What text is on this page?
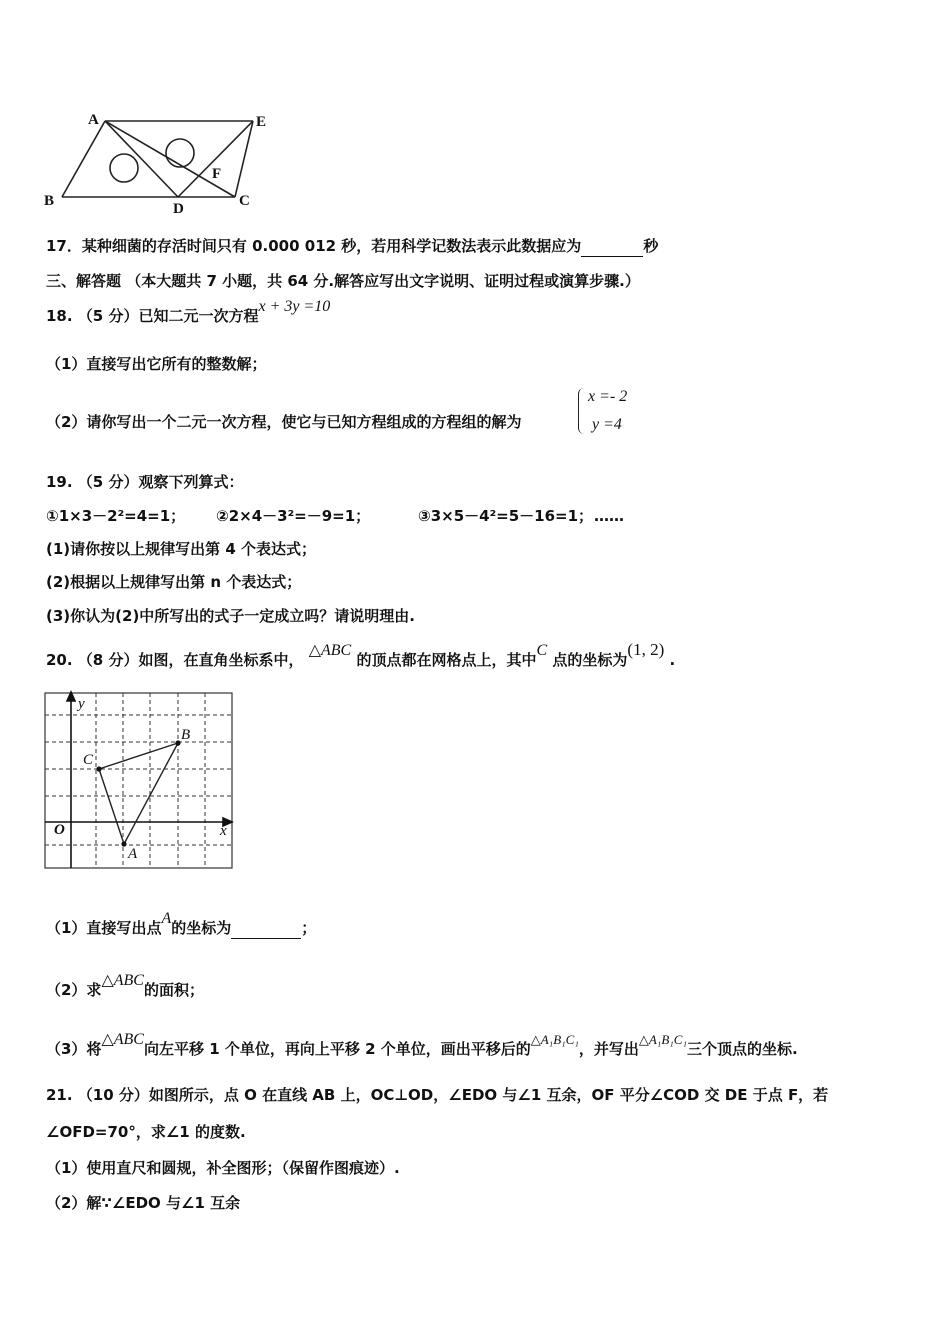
A	E
B	D	C
F
17．某种细菌的存活时间只有 0.000 012 秒，若用科学记数法表示此数据应为	秒
三、解答题 （本大题共 7 小题，共 64 分.解答应写出文字说明、证明过程或演算步骤.）
18. （5 分）已知二元一次方程x + 3y =10
（1）直接写出它所有的整数解；
（2）请你写出一个二元一次方程，使它与已知方程组成的方程组的解为
x =- 2
y =4
19. （5 分）观察下列算式：
①1×3－2²=4=1； ②2×4－3²=－9=1；	③3×5－4²=5－16=1； ……
(1)请你按以上规律写出第 4 个表达式；
(2)根据以上规律写出第 n 个表达式；
(3)你认为(2)中所写出的式子一定成立吗？请说明理由.
20. （8 分）如图，在直角坐标系中， △ABC 的顶点都在网格点上，其中C 点的坐标为(1, 2) .
y
x
O
A
B
C
（1）直接写出点A的坐标为	；
（2）求△ABC的面积；
（3）将△ABC向左平移 1 个单位，再向上平移 2 个单位，画出平移后的△A₁B₁C₁，并写出△A₁B₁C₁三个顶点的坐标.
21. （10 分）如图所示，点 O 在直线 AB 上，OC⊥OD，∠EDO 与∠1 互余，OF 平分∠COD 交 DE 于点 F，若
∠OFD=70°，求∠1 的度数.
（1）使用直尺和圆规，补全图形；（保留作图痕迹）.
（2）解∵∠EDO 与∠1 互余
